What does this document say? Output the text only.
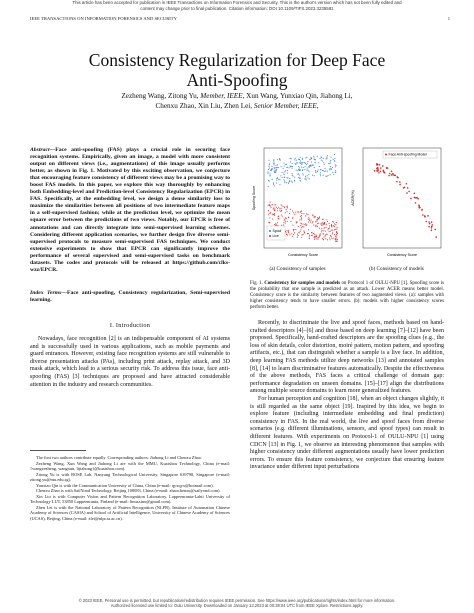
This article has been accepted for publication in IEEE Transactions on Information Forensics and Security. This is the author's version which has not been fully edited and
content may change prior to final publication. Citation information: DOI 10.1109/TIFS.2023.3235581
IEEE TRANSACTIONS ON INFORMATION FORENSICS AND SECURITY	1
Consistency Regularization for Deep Face
Anti-Spoofing
Zezheng Wang, Zitong Yu, Member, IEEE, Xun Wang, Yunxiao Qin, Jiahong Li,
Chenxu Zhao, Xin Liu, Zhen Lei, Senior Member, IEEE,
Abstract—Face anti-spoofing (FAS) plays a crucial role in securing face recognition systems. Empirically, given an image, a model with more consistent output on different views (i.e., augmentations) of this image usually performs better, as shown in Fig. 1. Motivated by this exciting observation, we conjecture that encouraging feature consistency of different views may be a promising way to boost FAS models. In this paper, we explore this way thoroughly by enhancing both Embedding-level and Prediction-level Consistency Regularization (EPCR) in FAS. Specifically, at the embedding level, we design a dense similarity loss to maximize the similarities between all positions of two intermediate feature maps in a self-supervised fashion; while at the prediction level, we optimize the mean square error between the predictions of two views. Notably, our EPCR is free of annotations and can directly integrate into semi-supervised learning schemes. Considering different application scenarios, we further design five diverse semi-supervised protocols to measure semi-supervised FAS techniques. We conduct extensive experiments to show that EPCR can significantly improve the performance of several supervised and semi-supervised tasks on benchmark datasets. The codes and protocols will be released at https://github.com/clks-wzz/EPCR.
Index Terms—Face anti-spoofing, Consistency regularization, Semi-supervised learning.
I. Introduction
Nowadays, face recognition [2] is an indispensable component of AI systems and is successfully used in various applications, such as mobile payments and guard entrances. However, existing face recognition systems are still vulnerable to diverse presentation attacks (PAs), including print attack, replay attack, and 3D mask attack, which lead to a serious security risk. To address this issue, face anti-spoofing (FAS) [3] techniques are proposed and have attracted considerable attention in the industry and research communities.

The first two authors contribute equally. Corresponding authors: Jiahong Li and Chenxu Zhao.

Zezheng Wang, Xun Wang and Jiahong Li are with the MMU, Kuaishou Technology, China (e-mail: {wangzezheng, wangxun, lijiahong}@kuaishou.com).

Zitong Yu is with ROSE Lab, Nanyang Technological University, Singapore 639798, Singapore (e-mail: zitong.yu@ntu.edu.sg).

Yunxiao Qin is with the Communication University of China, China (e-mail: qyxqyx@hotmail.com).

Chenxu Zhao is with SailYond Technology, Beijing 100083, China (e-mail: zhaochenxu@sailyond.com).

Xin Liu is with Computer Vision and Pattern Recognition Laboratory, Lappeenranta-Lahti University of Technology LUT, 53850 Lappeenranta, Finland (e-mail: linuxsino@gmail.com).

Zhen Lei is with the National Laboratory of Pattern Recognition (NLPR), Institute of Automation Chinese Academy of Sciences (CASIA) and School of Artificial Intelligence, University of Chinese Academy of Sciences (UCAS), Beijing, China (e-mail: zlei@nlpr.ia.ac.cn).

Spoof
Live
Consistency Score
Spoofing Score
Face Anti-spoofing Model
Consistency Score
ACER(%)
(a) Consistency of samples	(b) Consistency of models
Fig. 1. Consistency for samples and models on Protocol 1 of OULU-NPU [1]. Spoofing score is the probability that one sample is predicted as an attack. Lower ACER means better model. Consistency score is the similarity between features of two augmented views. (a): samples with higher consistency tends to have smaller errors. (b): models with higher consistency scores perform better.

Recently, to discriminate the live and spoof faces, methods based on hand-crafted descriptors [4]–[6] and those based on deep learning [7]–[12] have been proposed. Specifically, hand-crafted descriptors are the spoofing clues (e.g., the loss of skin details, color distortion, moiré pattern, motion pattern, and spoofing artifacts, etc.), that can distinguish whether a sample is a live face. In addition, deep learning FAS methods utilize deep networks [13] and annotated samples [8], [14] to learn discriminative features automatically. Despite the effectiveness of the above methods, FAS faces a critical challenge of domain gap: performance degradation on unseen domains. [15]–[17] align the distributions among multiple source domains to learn more generalized features.

For human perception and cognition [18], when an object changes slightly, it is still regarded as the same object [19]. Inspired by this idea, we begin to explore feature (including intermediate embedding and final prediction) consistency in FAS. In the real world, the live and spoof faces from diverse scenarios (e.g. different illuminations, sensors, and spoof types) can result in different features. With experiments on Protocol-1 of OULU-NPU [1] using CDCN [13] in Fig. 1, we observe an interesting phenomenon that samples with higher consistency under different augmentations usually have lower prediction errors. To ensure this feature consistency, we conjecture that ensuring feature invariance under different input perturbations

© 2023 IEEE. Personal use is permitted, but republication/redistribution requires IEEE permission. See https://www.ieee.org/publications/rights/index.html for more information.
Authorized licensed use limited to: Oulu University. Downloaded on January 13,2023 at 00:38:04 UTC from IEEE Xplore. Restrictions apply.
